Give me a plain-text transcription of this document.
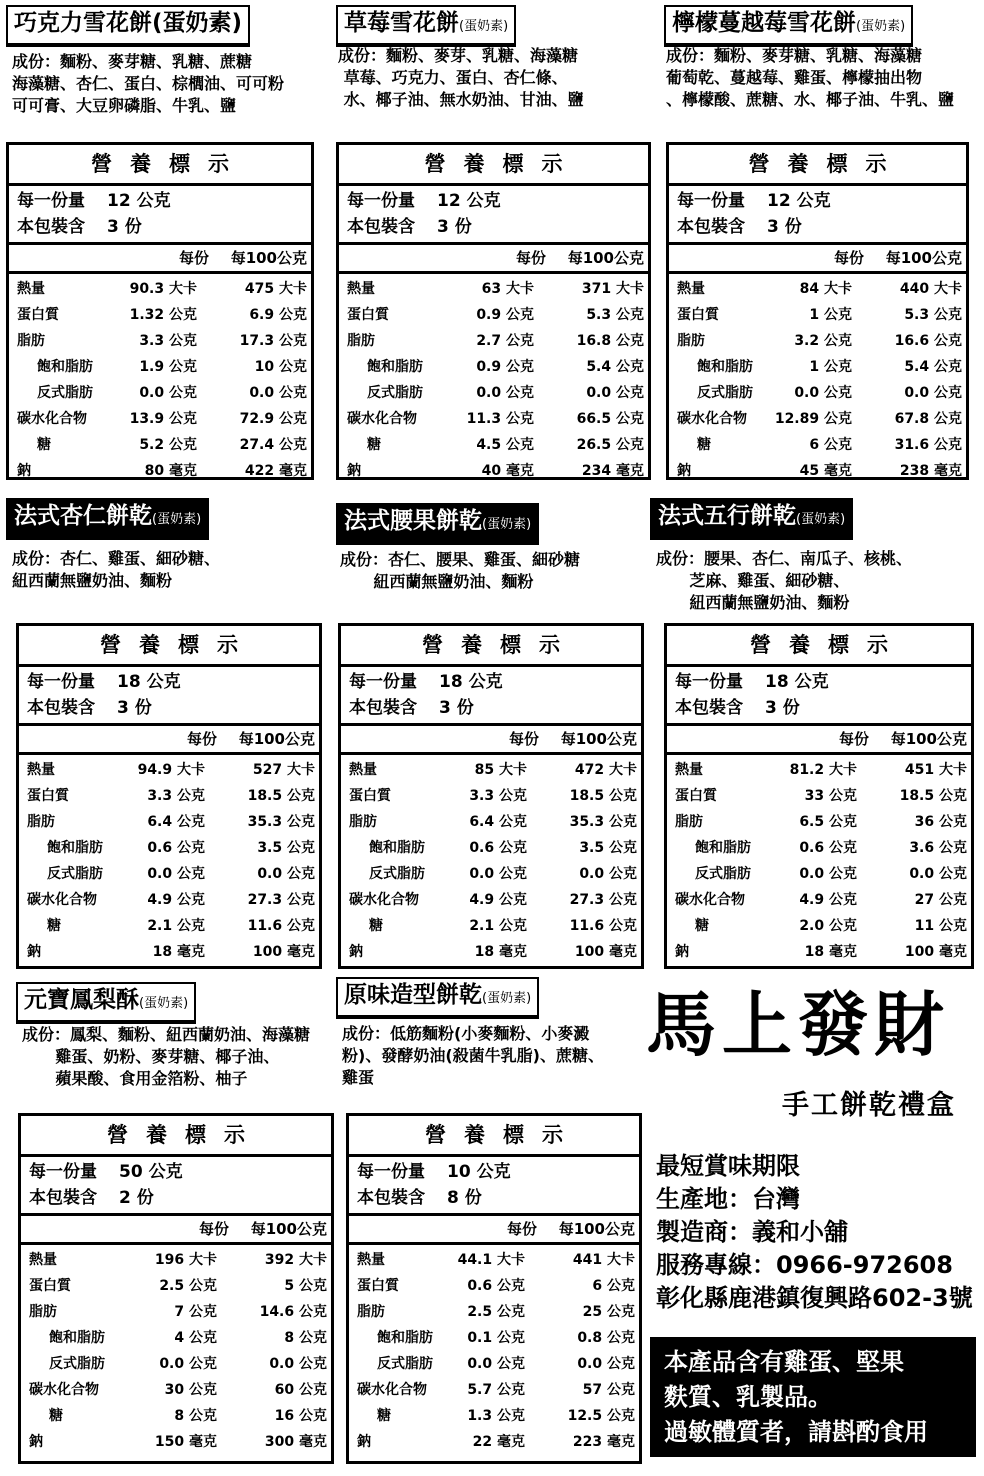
巧克力雪花餅(蛋奶素)
成份：麵粉、麥芽糖、乳糖、蔗糖
海藻糖、杏仁、蛋白、棕櫚油、可可粉
可可膏、大豆卵磷脂、牛乳、鹽
營養標示
每一份量 12 公克
本包裝含 3 份
每份	每100公克
熱量	90.3 大卡	475 大卡
蛋白質	1.32 公克	6.9 公克
脂肪	3.3 公克	17.3 公克
飽和脂肪	1.9 公克	10 公克
反式脂肪	0.0 公克	0.0 公克
碳水化合物	13.9 公克	72.9 公克
糖	5.2 公克	27.4 公克
鈉	80 毫克	422 毫克
草莓雪花餅(蛋奶素)
成份：麵粉、麥芽、乳糖、海藻糖
草莓、巧克力、蛋白、杏仁條、
水、椰子油、無水奶油、甘油、鹽
營養標示
每一份量 12 公克
本包裝含 3 份
每份	每100公克
熱量	63 大卡	371 大卡
蛋白質	0.9 公克	5.3 公克
脂肪	2.7 公克	16.8 公克
飽和脂肪	0.9 公克	5.4 公克
反式脂肪	0.0 公克	0.0 公克
碳水化合物	11.3 公克	66.5 公克
糖	4.5 公克	26.5 公克
鈉	40 毫克	234 毫克
檸檬蔓越莓雪花餅(蛋奶素)
成份：麵粉、麥芽糖、乳糖、海藻糖
葡萄乾、蔓越莓、雞蛋、檸檬抽出物
、檸檬酸、蔗糖、水、椰子油、牛乳、鹽
營養標示
每一份量 12 公克
本包裝含 3 份
每份	每100公克
熱量	84 大卡	440 大卡
蛋白質	1 公克	5.3 公克
脂肪	3.2 公克	16.6 公克
飽和脂肪	1 公克	5.4 公克
反式脂肪	0.0 公克	0.0 公克
碳水化合物	12.89 公克	67.8 公克
糖	6 公克	31.6 公克
鈉	45 毫克	238 毫克
法式杏仁餅乾(蛋奶素)
成份：杏仁、雞蛋、細砂糖、
紐西蘭無鹽奶油、麵粉
營養標示
每一份量 18 公克
本包裝含 3 份
每份	每100公克
熱量	94.9 大卡	527 大卡
蛋白質	3.3 公克	18.5 公克
脂肪	6.4 公克	35.3 公克
飽和脂肪	0.6 公克	3.5 公克
反式脂肪	0.0 公克	0.0 公克
碳水化合物	4.9 公克	27.3 公克
糖	2.1 公克	11.6 公克
鈉	18 毫克	100 毫克
法式腰果餅乾(蛋奶素)
成份：杏仁、腰果、雞蛋、細砂糖
紐西蘭無鹽奶油、麵粉
營養標示
每一份量 18 公克
本包裝含 3 份
每份	每100公克
熱量	85 大卡	472 大卡
蛋白質	3.3 公克	18.5 公克
脂肪	6.4 公克	35.3 公克
飽和脂肪	0.6 公克	3.5 公克
反式脂肪	0.0 公克	0.0 公克
碳水化合物	4.9 公克	27.3 公克
糖	2.1 公克	11.6 公克
鈉	18 毫克	100 毫克
法式五行餅乾(蛋奶素)
成份：腰果、杏仁、南瓜子、核桃、
芝麻、雞蛋、細砂糖、
紐西蘭無鹽奶油、麵粉
營養標示
每一份量 18 公克
本包裝含 3 份
每份	每100公克
熱量	81.2 大卡	451 大卡
蛋白質	33 公克	18.5 公克
脂肪	6.5 公克	36 公克
飽和脂肪	0.6 公克	3.6 公克
反式脂肪	0.0 公克	0.0 公克
碳水化合物	4.9 公克	27 公克
糖	2.0 公克	11 公克
鈉	18 毫克	100 毫克
元寶鳳梨酥(蛋奶素)
成份：鳳梨、麵粉、紐西蘭奶油、海藻糖
雞蛋、奶粉、麥芽糖、椰子油、
蘋果酸、食用金箔粉、柚子
營養標示
每一份量 50 公克
本包裝含 2 份
每份	每100公克
熱量	196 大卡	392 大卡
蛋白質	2.5 公克	5 公克
脂肪	7 公克	14.6 公克
飽和脂肪	4 公克	8 公克
反式脂肪	0.0 公克	0.0 公克
碳水化合物	30 公克	60 公克
糖	8 公克	16 公克
鈉	150 毫克	300 毫克
原味造型餅乾(蛋奶素)
成份：低筋麵粉(小麥麵粉、小麥澱
粉)、發酵奶油(殺菌牛乳脂)、蔗糖、
雞蛋
營養標示
每一份量 10 公克
本包裝含 8 份
每份	每100公克
熱量	44.1 大卡	441 大卡
蛋白質	0.6 公克	6 公克
脂肪	2.5 公克	25 公克
飽和脂肪	0.1 公克	0.8 公克
反式脂肪	0.0 公克	0.0 公克
碳水化合物	5.7 公克	57 公克
糖	1.3 公克	12.5 公克
鈉	22 毫克	223 毫克
馬上發財
手工餅乾禮盒
最短賞味期限
生產地：台灣
製造商：義和小舖
服務專線：0966-972608
彰化縣鹿港鎮復興路602-3號
本產品含有雞蛋、堅果
麩質、乳製品。
過敏體質者，請斟酌食用
